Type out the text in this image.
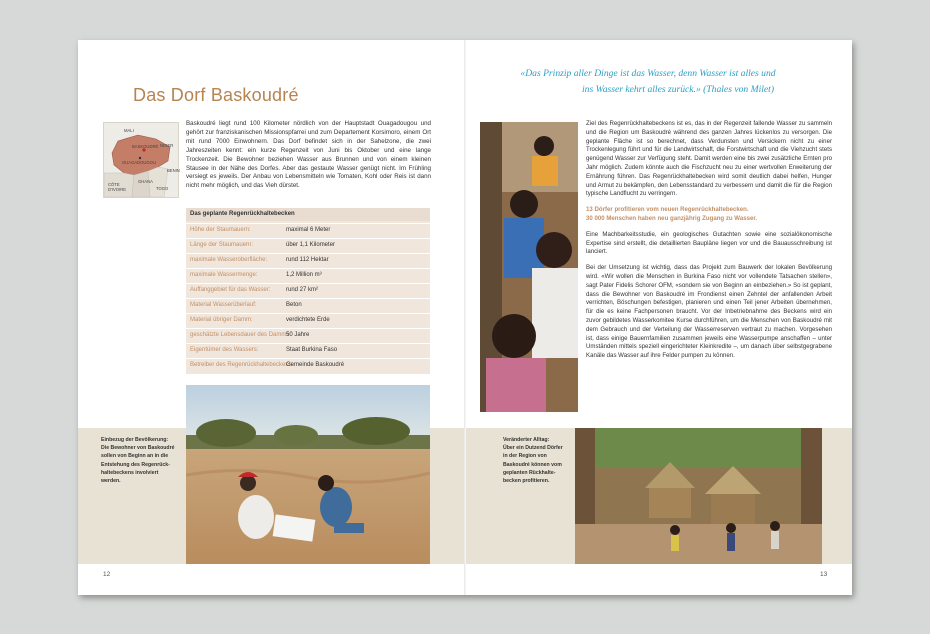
Das Dorf Baskoudré
MALI
NIGER
BASKOUDRÉ
OUAGADOUGOU
BENIN
GHANA
TOGO
CÔTE D'IVOIRE
Baskoudré liegt rund 100 Kilometer nördlich von der Hauptstadt Ouagadougou und gehört zur franziskanischen Missionspfarrei und zum Departement Korsimoro, einem Ort mit rund 7000 Einwohnern. Das Dorf befindet sich in der Sahelzone, die zwei Jahreszeiten kennt: ein kurze Regenzeit von Juni bis Oktober und eine lange Trockenzeit. Die Bewohner beziehen Wasser aus Brunnen und von einem kleinen Stausee in der Nähe des Dorfes. Aber das gestaute Wasser genügt nicht. Im Frühling versiegt es jeweils. Der Anbau von Lebensmitteln wie Tomaten, Kohl oder Reis ist dann nicht mehr möglich, und das Vieh dürstet.
Das geplante Regenrückhaltebecken
Höhe der Staumauern:	maximal 6 Meter
Länge der Staumauern:	über 1,1 Kilometer
maximale Wasseroberfläche:	rund 112 Hektar
maximale Wassermenge:	1,2 Million m³
Auffanggebiet für das Wasser:	rund 27 km²
Material Wasserüberlauf:	Beton
Material übriger Damm:	verdichtete Erde
geschätzte Lebensdauer des Damms:
50 Jahre
Eigentümer des Wassers:	Staat Burkina Faso
Betreiber des Regenrückhaltebeckens:
Gemeinde Baskoudré
Einbezug der Bevölkerung:
Die Bewohner von Baskoudré
sollen von Beginn an in die
Entstehung des Regenrück-
haltebeckens involviert
werden.
12
«Das Prinzip aller Dinge ist das Wasser, denn Wasser ist alles und
ins Wasser kehrt alles zurück.» (Thales von Milet)

Ziel des Regenrückhaltebeckens ist es, das in der Regenzeit fallende Wasser zu sammeln und die Region um Baskoudré während des ganzen Jahres lückenlos zu versorgen. Die geplante Fläche ist so berechnet, dass Verdunsten und Versickern nicht zu einer Trockenlegung führt und für die Landwirtschaft, die Forstwirtschaft und die Viehzucht stets genügend Wasser zur Verfügung steht. Damit werden eine bis zwei zusätzliche Ernten pro Jahr möglich. Zudem könnte auch die Fischzucht neu zu einer wertvollen Erweiterung der Ernährung führen. Das Regenrückhaltebecken wird somit deutlich dabei helfen, Hunger und Armut zu bekämpfen, den Lebensstandard zu verbessern und damit die für die Region typische Landflucht zu verringern.

13 Dörfer profitieren vom neuen Regenrückhaltebecken.
30 000 Menschen haben neu ganzjährig Zugang zu Wasser.

Eine Machbarkeitsstudie, ein geologisches Gutachten sowie eine sozialökonomische Expertise sind erstellt, die detaillierten Baupläne liegen vor und die Bauausschreibung ist lanciert.

Bei der Umsetzung ist wichtig, dass das Projekt zum Bauwerk der lokalen Bevölkerung wird. «Wir wollen die Menschen in Burkina Faso nicht vor vollendete Tatsachen stellen», sagt Pater Fidelis Schorer OFM, «sondern sie von Beginn an einbeziehen.» So ist geplant, dass die Bewohner von Baskoudré im Frondienst einen Zehntel der anfallenden Arbeit verrichten, Böschungen befestigen, planieren und einen Teil jener Arbeiten übernehmen, für die es keine Fachpersonen braucht. Vor der Inbetriebnahme des Beckens wird ein zuvor gebildetes Wasserkomitee Kurse durchführen, um die Menschen von Baskoudré mit dem Gebrauch und der Verteilung der Wasserreserven vertraut zu machen. Vorgesehen ist, dass einige Bauernfamilien zusammen jeweils eine Wasserpumpe anschaffen – unter Umständen mittels speziell eingerichteter Kleinkredite –, um danach über selbstgegrabene Kanäle das Wasser auf ihre Felder pumpen zu können.

Veränderter Alltag:
Über ein Dutzend Dörfer
in der Region von
Baskoudré können vom
geplanten Rückhalte-
becken profitieren.
13
